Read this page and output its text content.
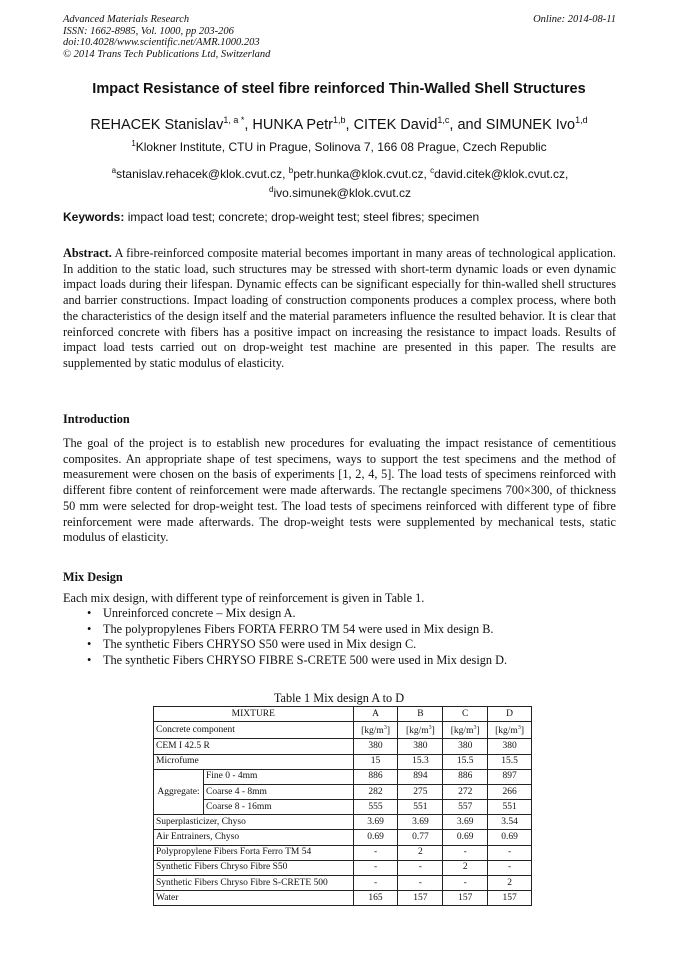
Advanced Materials Research
ISSN: 1662-8985, Vol. 1000, pp 203-206
doi:10.4028/www.scientific.net/AMR.1000.203
© 2014 Trans Tech Publications Ltd, Switzerland
Online: 2014-08-11
Impact Resistance of steel fibre reinforced Thin-Walled Shell Structures
REHACEK Stanislav$^{1, a *}$, HUNKA Petr$^{1,b}$, CITEK David$^{1,c}$, and SIMUNEK Ivo$^{1,d}$
$^1$Klokner Institute, CTU in Prague, Solinova 7, 166 08 Prague, Czech Republic
$^a$stanislav.rehacek@klok.cvut.cz, $^b$petr.hunka@klok.cvut.cz, $^c$david.citek@klok.cvut.cz,
$^d$ivo.simunek@klok.cvut.cz
Keywords: impact load test; concrete; drop-weight test; steel fibres; specimen
Abstract. A fibre-reinforced composite material becomes important in many areas of technological application. In addition to the static load, such structures may be stressed with short-term dynamic loads or even dynamic impact loads during their lifespan. Dynamic effects can be significant especially for thin-walled shell structures and barrier constructions. Impact loading of construction components produces a complex process, where both the characteristics of the design itself and the material parameters influence the resulted behavior. It is clear that reinforced concrete with fibers has a positive impact on increasing the resistance to impact loads. Results of impact load tests carried out on drop-weight test machine are presented in this paper. The results are supplemented by static modulus of elasticity.
Introduction
The goal of the project is to establish new procedures for evaluating the impact resistance of cementitious composites. An appropriate shape of test specimens, ways to support the test specimens and the method of measurement were chosen on the basis of experiments [1, 2, 4, 5]. The load tests of specimens reinforced with different fibre content of reinforcement were made afterwards. The rectangle specimens 700×300, of thickness 50 mm were selected for drop-weight test. The load tests of specimens reinforced with different type of fibre reinforcement were made afterwards. The drop-weight tests were supplemented by mechanical tests, static modulus of elasticity.
Mix Design
Each mix design, with different type of reinforcement is given in Table 1.
• Unreinforced concrete – Mix design A.
• The polypropylenes Fibers FORTA FERRO TM 54 were used in Mix design B.
• The synthetic Fibers CHRYSO S50 were used in Mix design C.
• The synthetic Fibers CHRYSO FIBRE S-CRETE 500 were used in Mix design D.
Table 1 Mix design A to D
MIXTURE		A	B	C	D
Concrete component		$[kg/m^3]$	$[kg/m^3]$	$[kg/m^3]$	$[kg/m^3]$
CEM I 42.5 R		380	380	380	380
Microfume		15	15.3	15.5	15.5
Aggregate:	Fine 0 - 4mm	886	894	886	897
	Coarse 4 - 8mm	282	275	272	266
	Coarse 8 - 16mm	555	551	557	551
Superplasticizer, Chyso		3.69	3.69	3.69	3.54
Air Entrainers, Chyso		0.69	0.77	0.69	0.69
Polypropylene Fibers Forta Ferro TM 54		-	2	-	-
Synthetic Fibers Chryso Fibre S50		-	-	2	-
Synthetic Fibers Chryso Fibre S-CRETE 500		-	-	-	2
Water		165	157	157	157
